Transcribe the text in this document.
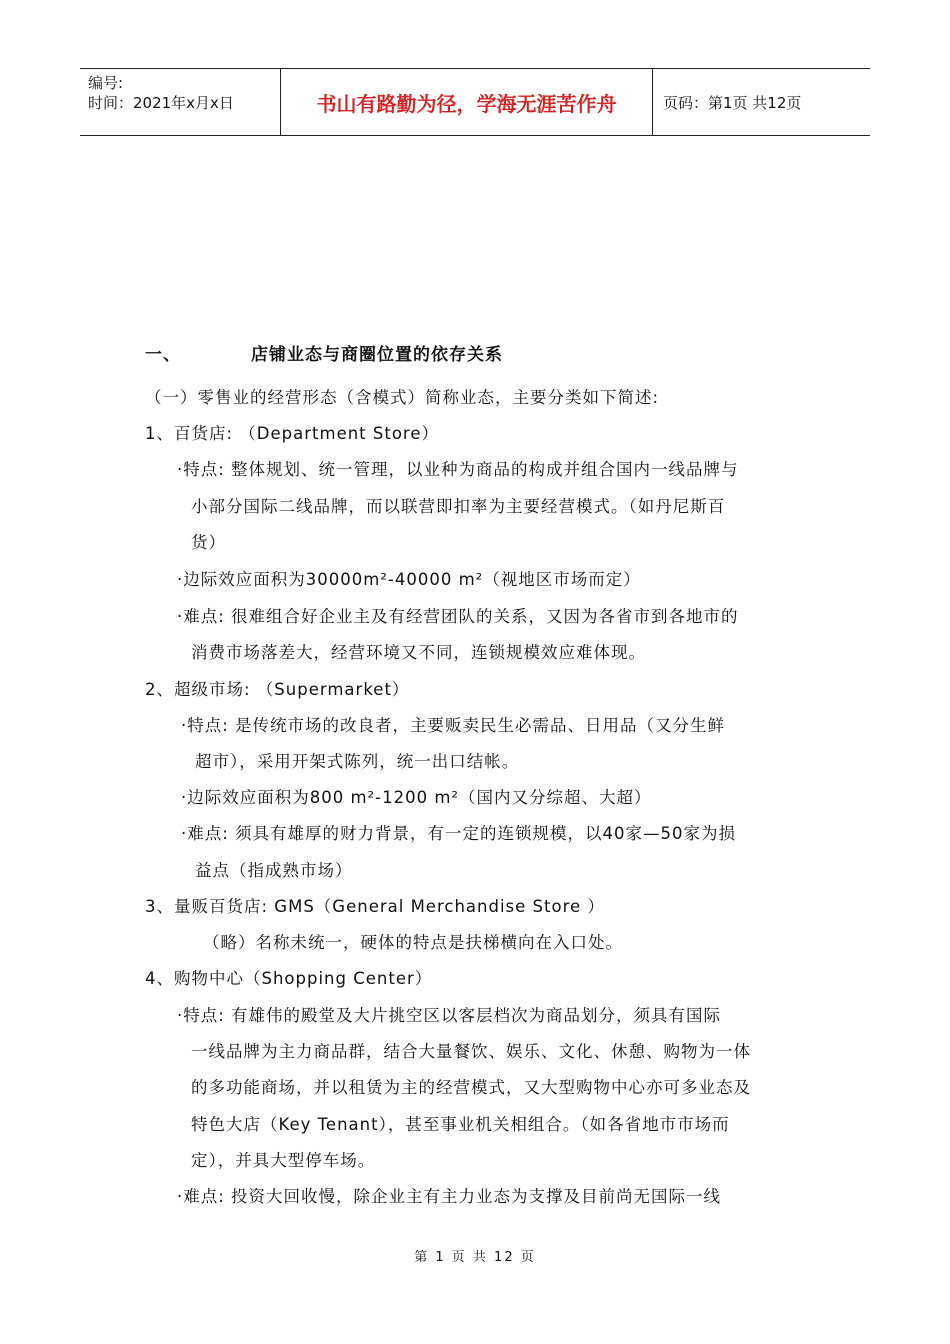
编号:
时间：2021年x月x日	书山有路勤为径，学海无涯苦作舟	页码：第1页 共12页
一、	店铺业态与商圈位置的依存关系
（一）零售业的经营形态（含模式）简称业态，主要分类如下简述:
1、百货店: （Department Store）
·特点: 整体规划、统一管理，以业种为商品的构成并组合国内一线品牌与
小部分国际二线品牌，而以联营即扣率为主要经营模式。（如丹尼斯百
货）
·边际效应面积为30000m²-40000 m²（视地区市场而定）
·难点: 很难组合好企业主及有经营团队的关系，又因为各省市到各地市的
消费市场落差大，经营环境又不同，连锁规模效应难体现。
2、超级市场: （Supermarket）
·特点: 是传统市场的改良者，主要贩卖民生必需品、日用品（又分生鲜
超市），采用开架式陈列，统一出口结帐。
·边际效应面积为800 m²-1200 m²（国内又分综超、大超）
·难点: 须具有雄厚的财力背景，有一定的连锁规模，以40家—50家为损
益点（指成熟市场）
3、量贩百货店: GMS（General Merchandise Store ）
（略）名称未统一，硬体的特点是扶梯横向在入口处。
4、购物中心（Shopping Center）
·特点: 有雄伟的殿堂及大片挑空区以客层档次为商品划分，须具有国际
一线品牌为主力商品群，结合大量餐饮、娱乐、文化、休憩、购物为一体
的多功能商场，并以租赁为主的经营模式，又大型购物中心亦可多业态及
特色大店（Key Tenant），甚至事业机关相组合。（如各省地市市场而
定），并具大型停车场。
·难点: 投资大回收慢，除企业主有主力业态为支撑及目前尚无国际一线
第 1 页 共 12 页
